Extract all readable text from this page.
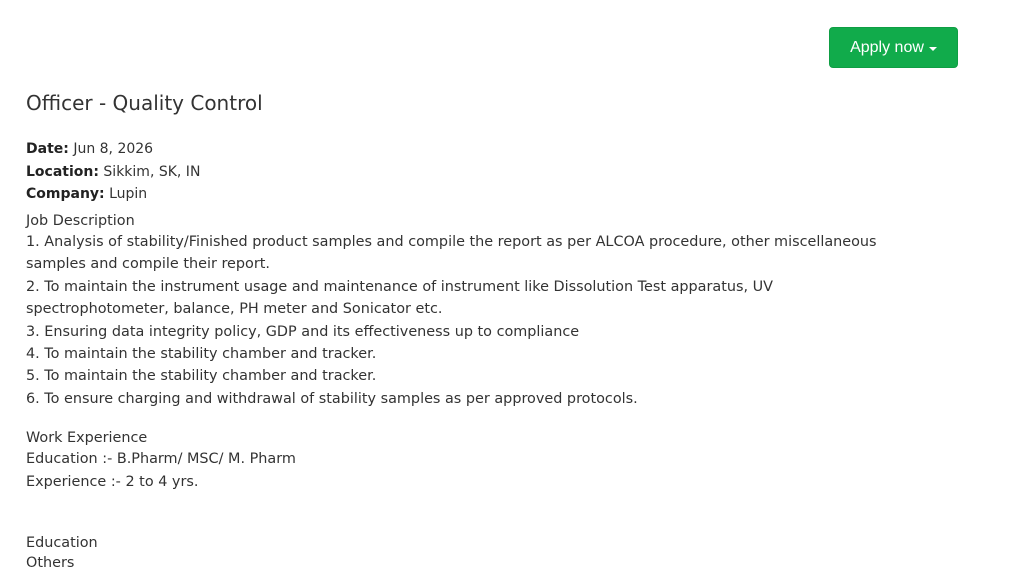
Apply now
Officer - Quality Control
Date: Jun 8, 2026
Location: Sikkim, SK, IN
Company: Lupin
Job Description
1. Analysis of stability/Finished product samples and compile the report as per ALCOA procedure, other miscellaneous
samples and compile their report.
2. To maintain the instrument usage and maintenance of instrument like Dissolution Test apparatus, UV
spectrophotometer, balance, PH meter and Sonicator etc.
3. Ensuring data integrity policy, GDP and its effectiveness up to compliance
4. To maintain the stability chamber and tracker.
5. To maintain the stability chamber and tracker.
6. To ensure charging and withdrawal of stability samples as per approved protocols.
Work Experience
Education :- B.Pharm/ MSC/ M. Pharm
Experience :- 2 to 4 yrs.
Education
Others
